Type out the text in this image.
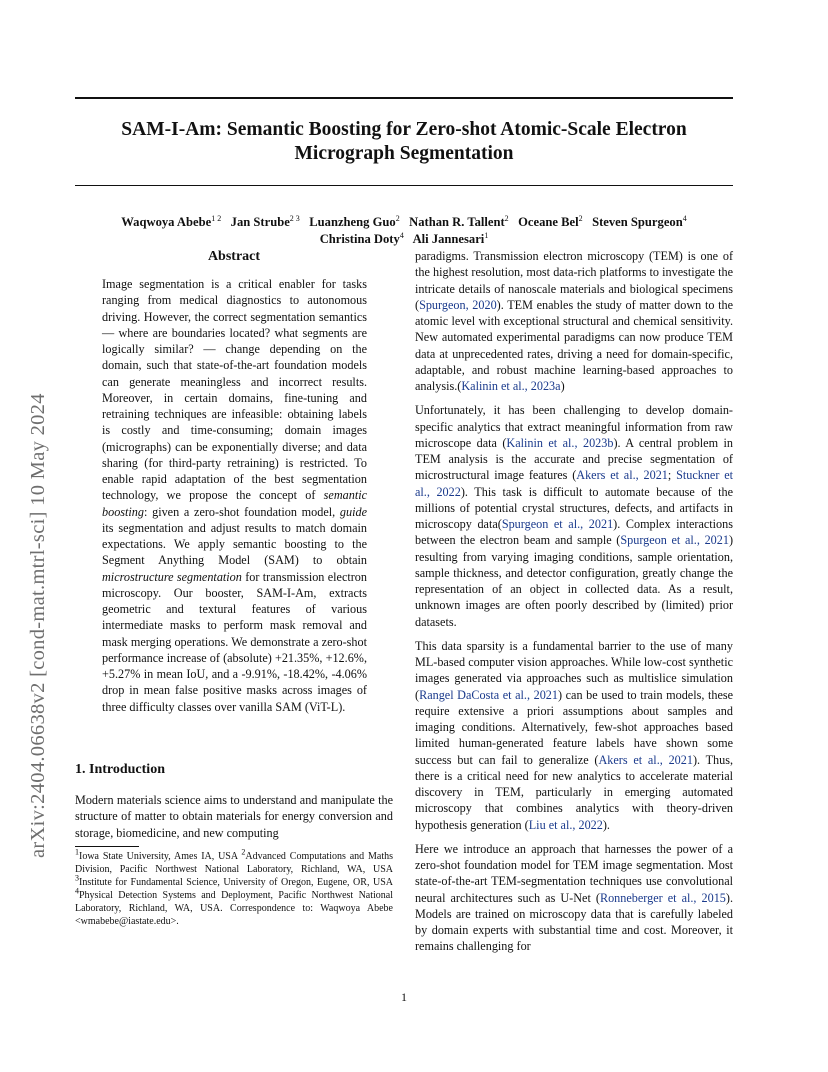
arXiv:2404.06638v2 [cond-mat.mtrl-sci] 10 May 2024
SAM-I-Am: Semantic Boosting for Zero-shot Atomic-Scale Electron Micrograph Segmentation
Waqwoya Abebe$^{1 2}$ Jan Strube$^{2 3}$ Luanzheng Guo$^2$ Nathan R. Tallent$^2$ Oceane Bel$^2$ Steven Spurgeon$^4$
Christina Doty$^4$ Ali Jannesari$^1$
Abstract
Image segmentation is a critical enabler for tasks ranging from medical diagnostics to autonomous driving. However, the correct segmentation semantics — where are boundaries located? what segments are logically similar? — change depending on the domain, such that state-of-the-art foundation models can generate meaningless and incorrect results. Moreover, in certain domains, fine-tuning and retraining techniques are infeasible: obtaining labels is costly and time-consuming; domain images (micrographs) can be exponentially diverse; and data sharing (for third-party retraining) is restricted. To enable rapid adaptation of the best segmentation technology, we propose the concept of semantic boosting: given a zero-shot foundation model, guide its segmentation and adjust results to match domain expectations. We apply semantic boosting to the Segment Anything Model (SAM) to obtain microstructure segmentation for transmission electron microscopy. Our booster, SAM-I-Am, extracts geometric and textural features of various intermediate masks to perform mask removal and mask merging operations. We demonstrate a zero-shot performance increase of (absolute) +21.35%, +12.6%, +5.27% in mean IoU, and a -9.91%, -18.42%, -4.06% drop in mean false positive masks across images of three difficulty classes over vanilla SAM (ViT-L).
1. Introduction
Modern materials science aims to understand and manipulate the structure of matter to obtain materials for energy conversion and storage, biomedicine, and new computing

$^1$Iowa State University, Ames IA, USA $^2$Advanced Computations and Maths Division, Pacific Northwest National Laboratory, Richland, WA, USA $^3$Institute for Fundamental Science, University of Oregon, Eugene, OR, USA $^4$Physical Detection Systems and Deployment, Pacific Northwest National Laboratory, Richland, WA, USA. Correspondence to: Waqwoya Abebe <wmabebe@iastate.edu>.

paradigms. Transmission electron microscopy (TEM) is one of the highest resolution, most data-rich platforms to investigate the intricate details of nanoscale materials and biological specimens (Spurgeon, 2020). TEM enables the study of matter down to the atomic level with exceptional structural and chemical sensitivity. New automated experimental paradigms can now produce TEM data at unprecedented rates, driving a need for domain-specific, adaptable, and robust machine learning-based approaches to analysis.(Kalinin et al., 2023a)

Unfortunately, it has been challenging to develop domain-specific analytics that extract meaningful information from raw microscope data (Kalinin et al., 2023b). A central problem in TEM analysis is the accurate and precise segmentation of microstructural image features (Akers et al., 2021; Stuckner et al., 2022). This task is difficult to automate because of the millions of potential crystal structures, defects, and artifacts in microscopy data(Spurgeon et al., 2021). Complex interactions between the electron beam and sample (Spurgeon et al., 2021) resulting from varying imaging conditions, sample orientation, sample thickness, and detector configuration, greatly change the representation of an object in collected data. As a result, unknown images are often poorly described by (limited) prior datasets.

This data sparsity is a fundamental barrier to the use of many ML-based computer vision approaches. While low-cost synthetic images generated via approaches such as multislice simulation (Rangel DaCosta et al., 2021) can be used to train models, these require extensive a priori assumptions about samples and imaging conditions. Alternatively, few-shot approaches based limited human-generated feature labels have shown some success but can fail to generalize (Akers et al., 2021). Thus, there is a critical need for new analytics to accelerate material discovery in TEM, particularly in emerging automated microscopy that combines analytics with theory-driven hypothesis generation (Liu et al., 2022).

Here we introduce an approach that harnesses the power of a zero-shot foundation model for TEM image segmentation. Most state-of-the-art TEM-segmentation techniques use convolutional neural architectures such as U-Net (Ronneberger et al., 2015). Models are trained on microscopy data that is carefully labeled by domain experts with substantial time and cost. Moreover, it remains challenging for

1
